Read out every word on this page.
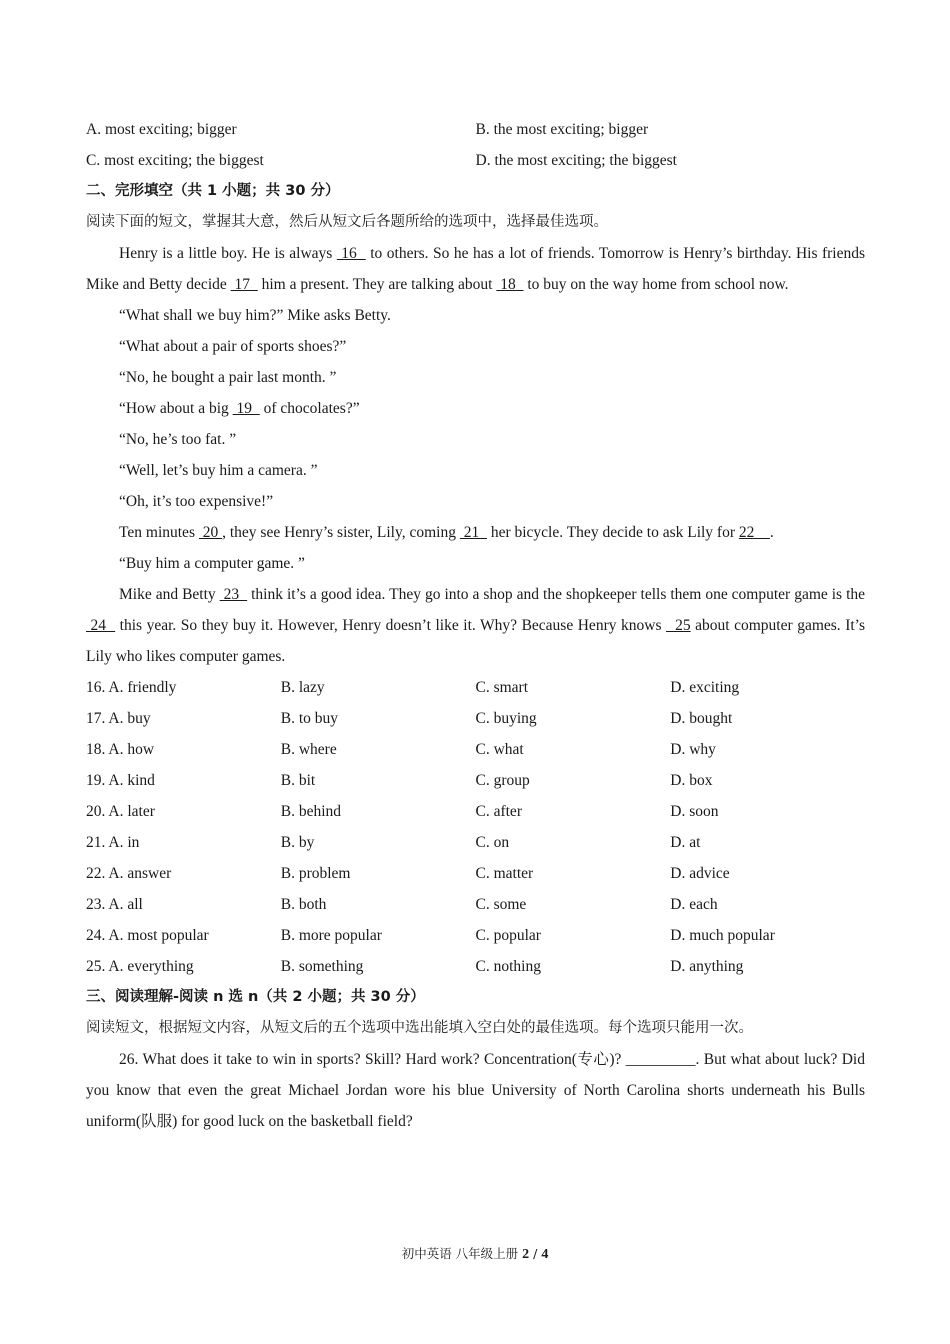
A. most exciting; bigger	B. the most exciting; bigger
C. most exciting; the biggest	D. the most exciting; the biggest
二、完形填空（共 1 小题；共 30 分）
阅读下面的短文，掌握其大意，然后从短文后各题所给的选项中，选择最佳选项。

Henry is a little boy. He is always  16   to others. So he has a lot of friends. Tomorrow is Henry’s birthday. His friends Mike and Betty decide  17   him a present. They are talking about  18   to buy on the way home from school now.

“What shall we buy him?” Mike asks Betty.
“What about a pair of sports shoes?”
“No, he bought a pair last month. ”
“How about a big  19   of chocolates?”
“No, he’s too fat. ”
“Well, let’s buy him a camera. ”
“Oh, it’s too expensive!”

Ten minutes  20 , they see Henry’s sister, Lily, coming  21   her bicycle. They decide to ask Lily for 22    .

“Buy him a computer game. ”

Mike and Betty  23   think it’s a good idea. They go into a shop and the shopkeeper tells them one computer game is the  24   this year. So they buy it. However, Henry doesn’t like it. Why? Because Henry knows   25 about computer games. It’s Lily who likes computer games.

16. A. friendly	B. lazy	C. smart	D. exciting
17. A. buy	B. to buy	C. buying	D. bought
18. A. how	B. where	C. what	D. why
19. A. kind	B. bit	C. group	D. box
20. A. later	B. behind	C. after	D. soon
21. A. in	B. by	C. on	D. at
22. A. answer	B. problem	C. matter	D. advice
23. A. all	B. both	C. some	D. each
24. A. most popular	B. more popular	C. popular	D. much popular
25. A. everything	B. something	C. nothing	D. anything
三、阅读理解-阅读 n 选 n（共 2 小题；共 30 分）
阅读短文，根据短文内容，从短文后的五个选项中选出能填入空白处的最佳选项。每个选项只能用一次。

26. What does it take to win in sports? Skill? Hard work? Concentration(专心)? _________. But what about luck? Did you know that even the great Michael Jordan wore his blue University of North Carolina shorts underneath his Bulls uniform(队服) for good luck on the basketball field?

初中英语 八年级上册 2 / 4
